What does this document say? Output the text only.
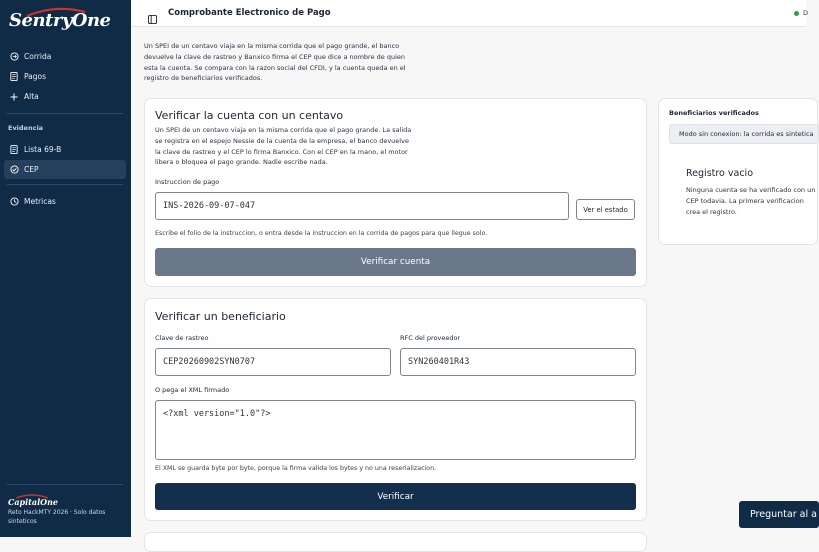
SentryOne
Corrida
Pagos
Alta
Evidencia
Lista 69-B
CEP
Metricas
CapitalOne
Reto HackMTY 2026 · Solo datos sinteticos
Comprobante Electronico de Pago	D
Un SPEI de un centavo viaja en la misma corrida que el pago grande, el banco devuelve la clave de rastreo y Banxico firma el CEP que dice a nombre de quien esta la cuenta. Se compara con la razon social del CFDI, y la cuenta queda en el registro de beneficiarios verificados.
Verificar la cuenta con un centavo
Un SPEI de un centavo viaja en la misma corrida que el pago grande. La salida se registra en el espejo Nessie de la cuenta de la empresa, el banco devuelve la clave de rastreo y el CEP lo firma Banxico. Con el CEP en la mano, el motor libera o bloquea el pago grande. Nadie escribe nada.
Instruccion de pago
INS-2026-09-07-047	Ver el estado
Escribe el folio de la instruccion, o entra desde la instruccion en la corrida de pagos para que llegue solo.
Verificar cuenta
Verificar un beneficiario
Clave de rastreo
CEP20260902SYN0707
RFC del proveedor
SYN260401R43
O pega el XML firmado
<?xml version="1.0"?>
El XML se guarda byte por byte, porque la firma valida los bytes y no una reserializacion.
Verificar
Beneficiarios verificados
Modo sin conexion: la corrida es sintetica
Registro vacio
Ninguna cuenta se ha verificado con un CEP todavia. La primera verificacion crea el registro.
Preguntar al a
